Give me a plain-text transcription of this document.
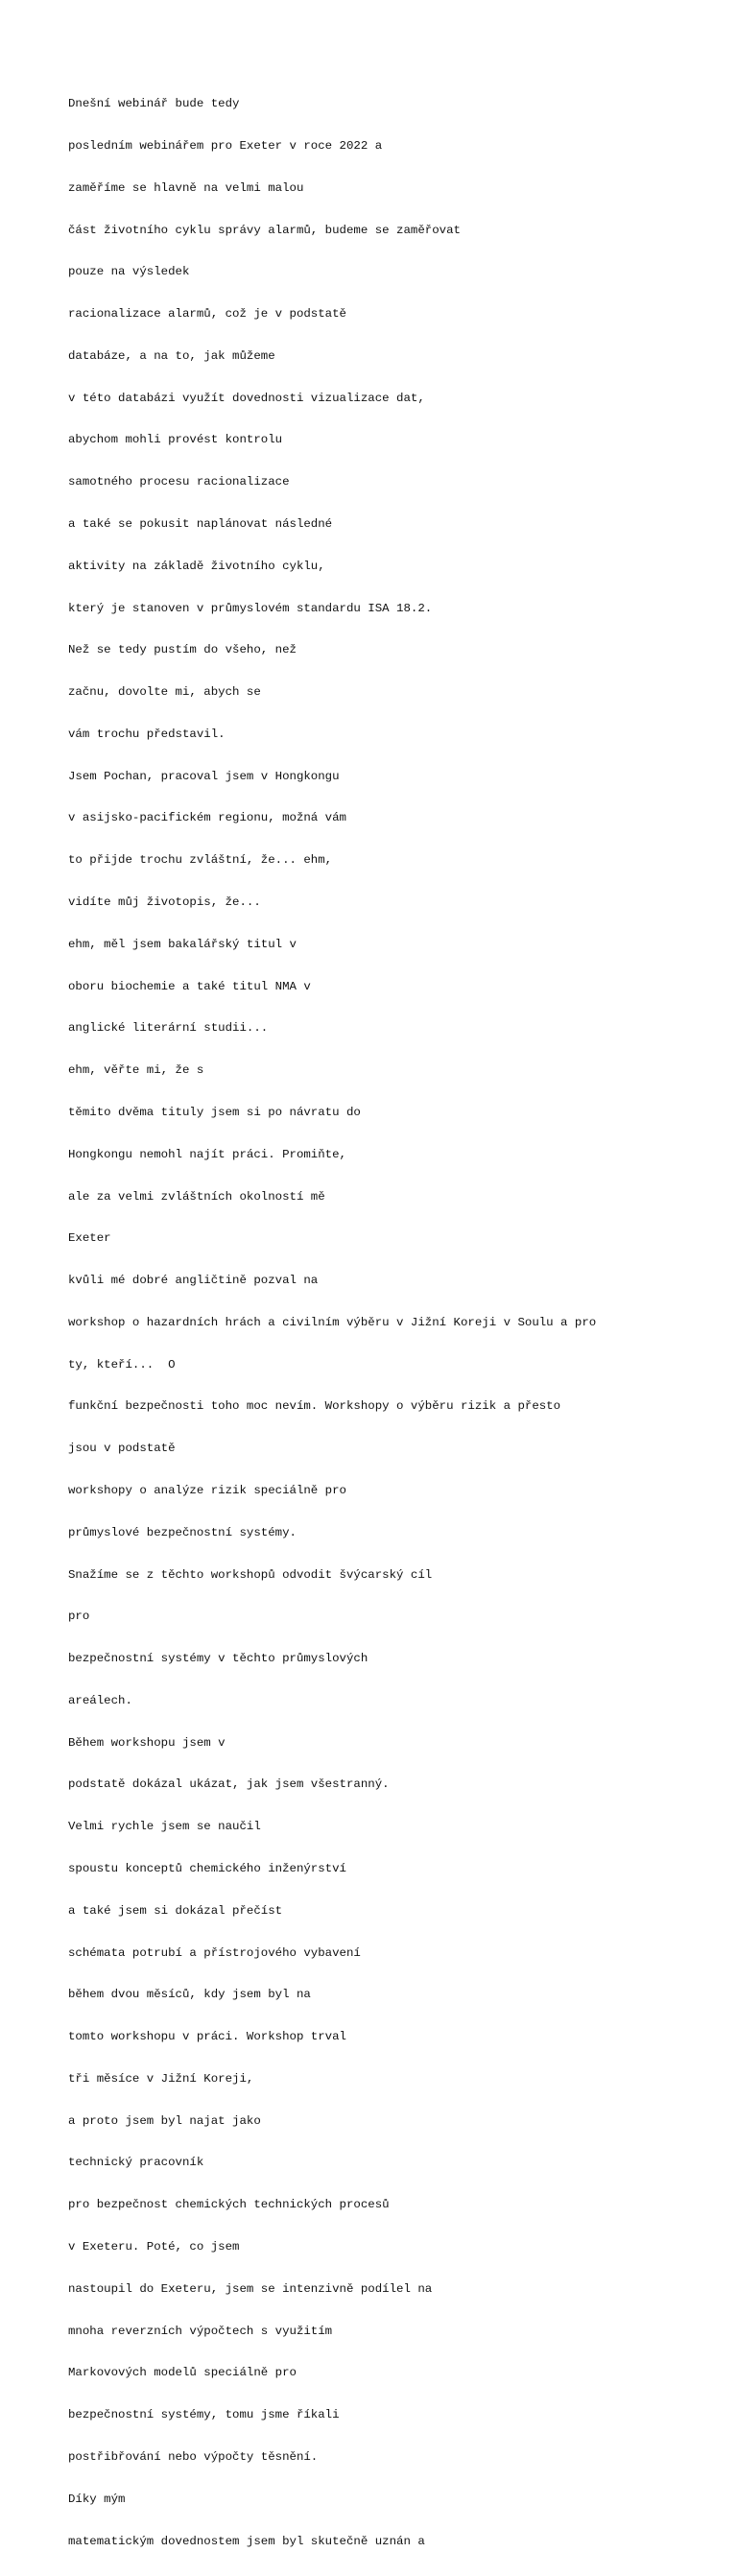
Dnešní webinář bude tedy

posledním webinářem pro Exeter v roce 2022 a

zaměříme se hlavně na velmi malou

část životního cyklu správy alarmů, budeme se zaměřovat

pouze na výsledek

racionalizace alarmů, což je v podstatě

databáze, a na to, jak můžeme

v této databázi využít dovednosti vizualizace dat,

abychom mohli provést kontrolu

samotného procesu racionalizace

a také se pokusit naplánovat následné

aktivity na základě životního cyklu,

který je stanoven v průmyslovém standardu ISA 18.2.

Než se tedy pustím do všeho, než

začnu, dovolte mi, abych se

vám trochu představil.

Jsem Pochan, pracoval jsem v Hongkongu

v asijsko-pacifickém regionu, možná vám

to přijde trochu zvláštní, že... ehm,

vidíte můj životopis, že...

ehm, měl jsem bakalářský titul v

oboru biochemie a také titul NMA v

anglické literární studii...

ehm, věřte mi, že s

těmito dvěma tituly jsem si po návratu do

Hongkongu nemohl najít práci. Promiňte,

ale za velmi zvláštních okolností mě

Exeter

kvůli mé dobré angličtině pozval na

workshop o hazardních hrách a civilním výběru v Jižní Koreji v Soulu a pro

ty, kteří...  O

funkční bezpečnosti toho moc nevím. Workshopy o výběru rizik a přesto

jsou v podstatě

workshopy o analýze rizik speciálně pro

průmyslové bezpečnostní systémy.

Snažíme se z těchto workshopů odvodit švýcarský cíl

pro

bezpečnostní systémy v těchto průmyslových

areálech.

Během workshopu jsem v

podstatě dokázal ukázat, jak jsem všestranný.

Velmi rychle jsem se naučil

spoustu konceptů chemického inženýrství

a také jsem si dokázal přečíst

schémata potrubí a přístrojového vybavení

během dvou měsíců, kdy jsem byl na

tomto workshopu v práci. Workshop trval

tři měsíce v Jižní Koreji,

a proto jsem byl najat jako

technický pracovník

pro bezpečnost chemických technických procesů

v Exeteru. Poté, co jsem

nastoupil do Exeteru, jsem se intenzivně podílel na

mnoha reverzních výpočtech s využitím

Markovových modelů speciálně pro

bezpečnostní systémy, tomu jsme říkali

postřibřování nebo výpočty těsnění.

Díky mým

matematickým dovednostem jsem byl skutečně uznán a
